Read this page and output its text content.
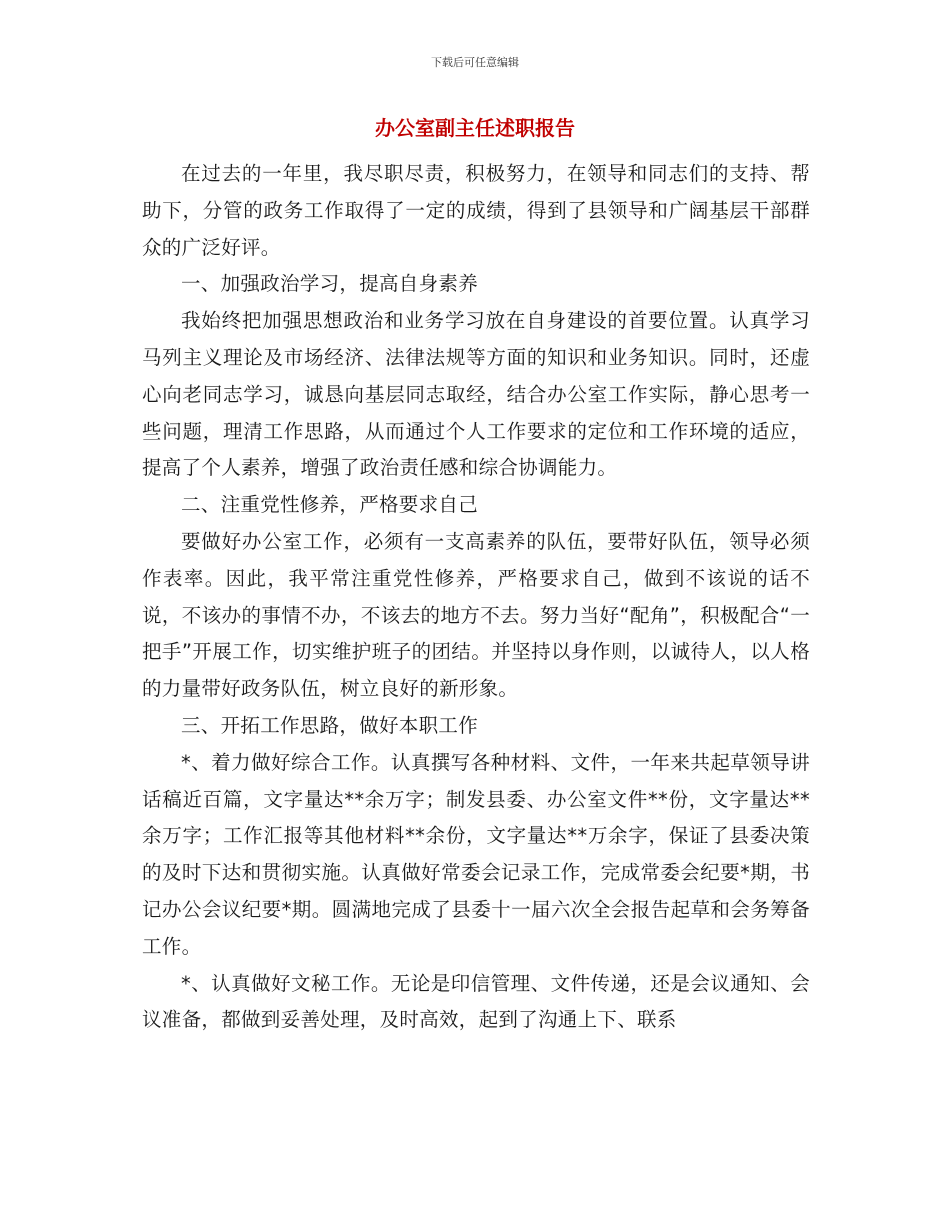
下载后可任意编辑
办公室副主任述职报告

在过去的一年里，我尽职尽责，积极努力，在领导和同志们的支持、帮助下，分管的政务工作取得了一定的成绩，得到了县领导和广阔基层干部群众的广泛好评。

一、加强政治学习，提高自身素养

我始终把加强思想政治和业务学习放在自身建设的首要位置。认真学习马列主义理论及市场经济、法律法规等方面的知识和业务知识。同时，还虚心向老同志学习，诚恳向基层同志取经，结合办公室工作实际，静心思考一些问题，理清工作思路，从而通过个人工作要求的定位和工作环境的适应，提高了个人素养，增强了政治责任感和综合协调能力。

二、注重党性修养，严格要求自己

要做好办公室工作，必须有一支高素养的队伍，要带好队伍，领导必须作表率。因此，我平常注重党性修养，严格要求自己，做到不该说的话不说，不该办的事情不办，不该去的地方不去。努力当好“配角”，积极配合“一把手”开展工作，切实维护班子的团结。并坚持以身作则，以诚待人，以人格的力量带好政务队伍，树立良好的新形象。

三、开拓工作思路，做好本职工作

*、着力做好综合工作。认真撰写各种材料、文件，一年来共起草领导讲话稿近百篇，文字量达**余万字；制发县委、办公室文件**份，文字量达**余万字；工作汇报等其他材料**余份，文字量达**万余字，保证了县委决策的及时下达和贯彻实施。认真做好常委会记录工作，完成常委会纪要*期，书记办公会议纪要*期。圆满地完成了县委十一届六次全会报告起草和会务筹备工作。

*、认真做好文秘工作。无论是印信管理、文件传递，还是会议通知、会议准备，都做到妥善处理，及时高效，起到了沟通上下、联系
